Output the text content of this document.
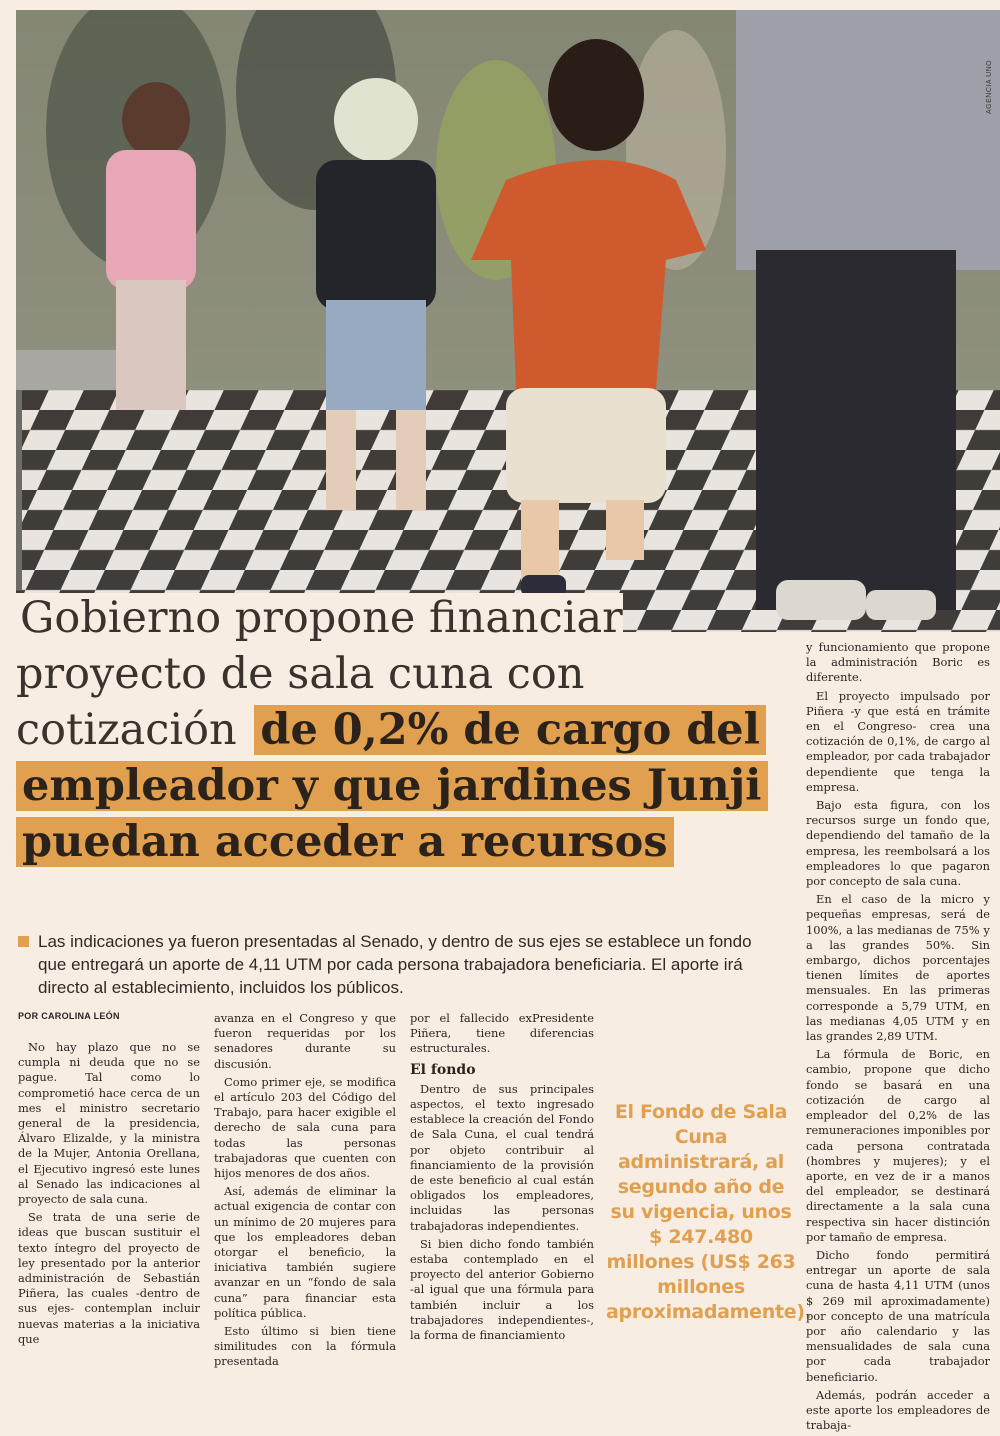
AGENCIA UNO
Gobierno propone financiar proyecto de sala cuna con cotización de 0,2% de cargo del empleador y que jardines Junji puedan acceder a recursos
Las indicaciones ya fueron presentadas al Senado, y dentro de sus ejes se establece un fondo que entregará un aporte de 4,11 UTM por cada persona trabajadora beneficiaria. El aporte irá directo al establecimiento, incluidos los públicos.
POR CAROLINA LEÓN

No hay plazo que no se cumpla ni deuda que no se pague. Tal como lo comprometió hace cerca de un mes el ministro secretario general de la presidencia, Álvaro Elizalde, y la ministra de la Mujer, Antonia Orellana, el Ejecutivo ingresó este lunes al Senado las indicaciones al proyecto de sala cuna.

Se trata de una serie de ideas que buscan sustituir el texto íntegro del proyecto de ley presentado por la anterior administración de Sebastián Piñera, las cuales -dentro de sus ejes- contemplan incluir nuevas materias a la iniciativa que

avanza en el Congreso y que fueron requeridas por los senadores durante su discusión.

Como primer eje, se modifica el artículo 203 del Código del Trabajo, para hacer exigible el derecho de sala cuna para todas las personas trabajadoras que cuenten con hijos menores de dos años.

Así, además de eliminar la actual exigencia de contar con un mínimo de 20 mujeres para que los empleadores deban otorgar el beneficio, la iniciativa también sugiere avanzar en un “fondo de sala cuna” para financiar esta política pública.

Esto último si bien tiene similitudes con la fórmula presentada

por el fallecido exPresidente Piñera, tiene diferencias estructurales.

El fondo

Dentro de sus principales aspectos, el texto ingresado establece la creación del Fondo de Sala Cuna, el cual tendrá por objeto contribuir al financiamiento de la provisión de este beneficio al cual están obligados los empleadores, incluidas las personas trabajadoras independientes.

Si bien dicho fondo también estaba contemplado en el proyecto del anterior Gobierno -al igual que una fórmula para también incluir a los trabajadores independientes-, la forma de financiamiento

El Fondo de Sala Cuna administrará, al segundo año de su vigencia, unos $ 247.480 millones (US$ 263 millones aproximadamente).

y funcionamiento que propone la administración Boric es diferente.

El proyecto impulsado por Piñera -y que está en trámite en el Congreso- crea una cotización de 0,1%, de cargo al empleador, por cada trabajador dependiente que tenga la empresa.

Bajo esta figura, con los recursos surge un fondo que, dependiendo del tamaño de la empresa, les reembolsará a los empleadores lo que pagaron por concepto de sala cuna.

En el caso de la micro y pequeñas empresas, será de 100%, a las medianas de 75% y a las grandes 50%. Sin embargo, dichos porcentajes tienen límites de aportes mensuales. En las primeras corresponde a 5,79 UTM, en las medianas 4,05 UTM y en las grandes 2,89 UTM.

La fórmula de Boric, en cambio, propone que dicho fondo se basará en una cotización de cargo al empleador del 0,2% de las remuneraciones imponibles por cada persona contratada (hombres y mujeres); y el aporte, en vez de ir a manos del empleador, se destinará directamente a la sala cuna respectiva sin hacer distinción por tamaño de empresa.

Dicho fondo permitirá entregar un aporte de sala cuna de hasta 4,11 UTM (unos $ 269 mil aproximadamente) por concepto de una matrícula por año calendario y las mensualidades de sala cuna por cada trabajador beneficiario.

Además, podrán acceder a este aporte los empleadores de trabaja-
